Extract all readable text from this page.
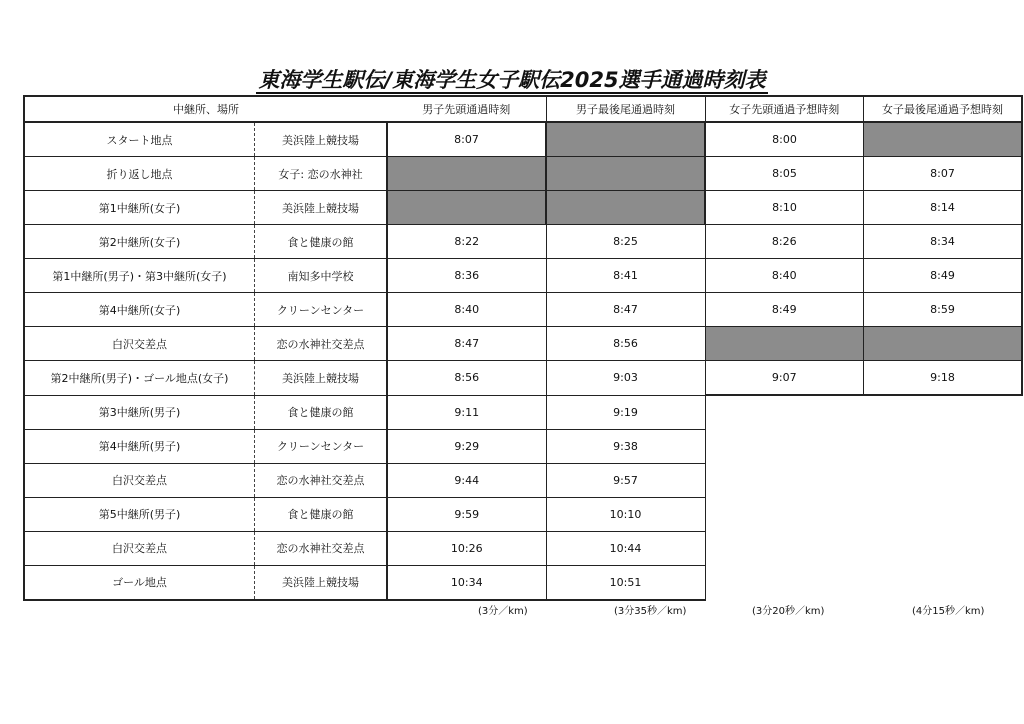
東海学生駅伝/東海学生女子駅伝2025選手通過時刻表
中継所、場所		男子先頭通過時刻	男子最後尾通過時刻	女子先頭通過予想時刻	女子最後尾通過予想時刻
スタート地点	美浜陸上競技場	8:07		8:00	
折り返し地点	女子: 恋の水神社			8:05	8:07
第1中継所(女子)	美浜陸上競技場			8:10	8:14
第2中継所(女子)	食と健康の館	8:22	8:25	8:26	8:34
第1中継所(男子)・第3中継所(女子)	南知多中学校	8:36	8:41	8:40	8:49
第4中継所(女子)	クリーンセンター	8:40	8:47	8:49	8:59
白沢交差点	恋の水神社交差点	8:47	8:56		
第2中継所(男子)・ゴール地点(女子)	美浜陸上競技場	8:56	9:03	9:07	9:18
第3中継所(男子)	食と健康の館	9:11	9:19		
第4中継所(男子)	クリーンセンター	9:29	9:38		
白沢交差点	恋の水神社交差点	9:44	9:57		
第5中継所(男子)	食と健康の館	9:59	10:10		
白沢交差点	恋の水神社交差点	10:26	10:44		
ゴール地点	美浜陸上競技場	10:34	10:51		
(3分／km)	(3分35秒／km)	(3分20秒／km)	(4分15秒／km)
